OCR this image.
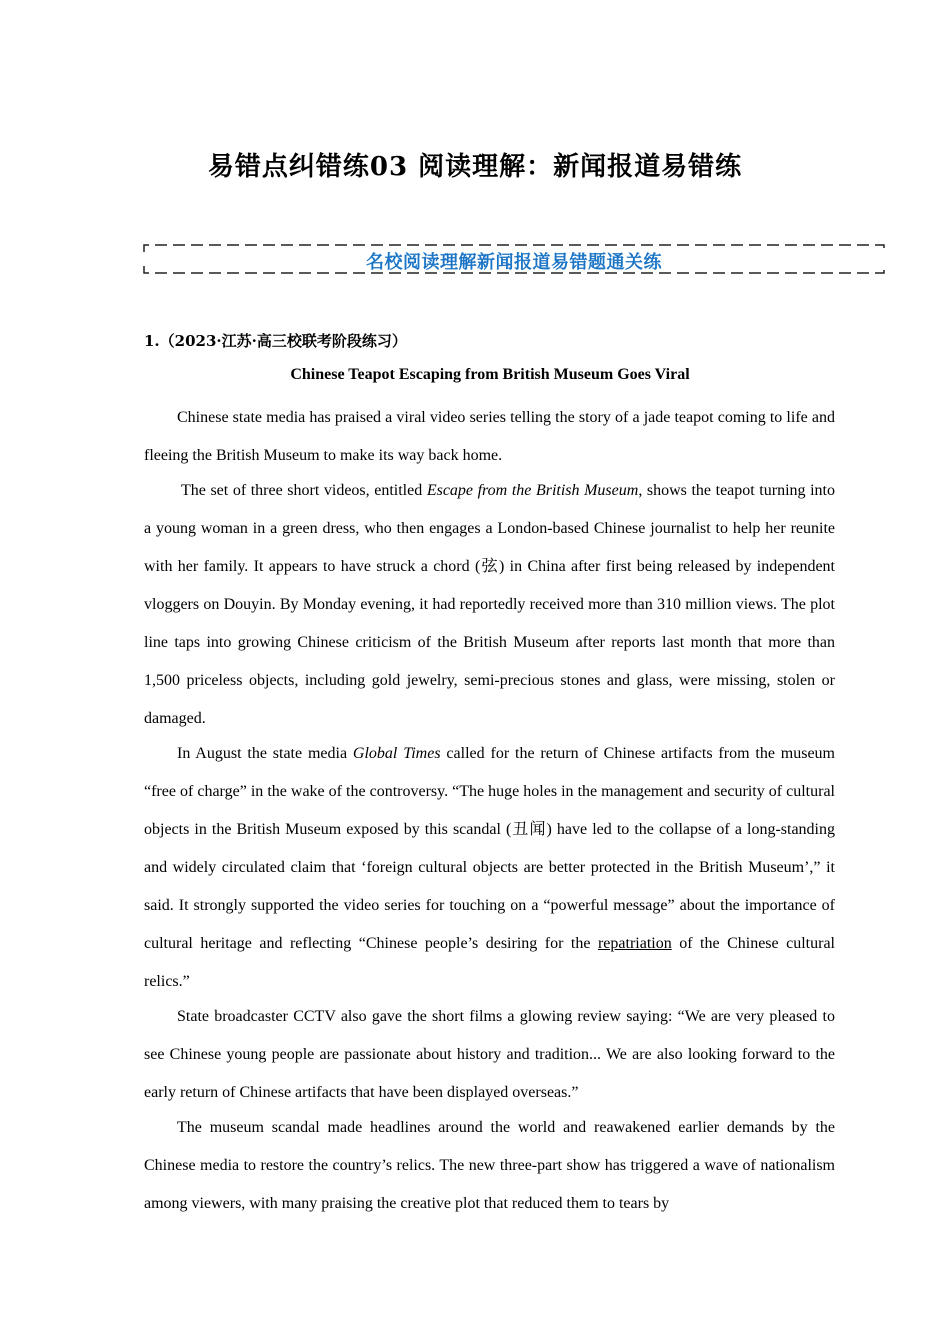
易错点纠错练03 阅读理解：新闻报道易错练
名校阅读理解新闻报道易错题通关练
1.（2023·江苏·高三校联考阶段练习）
Chinese Teapot Escaping from British Museum Goes Viral

Chinese state media has praised a viral video series telling the story of a jade teapot coming to life and fleeing the British Museum to make its way back home.

The set of three short videos, entitled Escape from the British Museum, shows the teapot turning into a young woman in a green dress, who then engages a London-based Chinese journalist to help her reunite with her family. It appears to have struck a chord (弦) in China after first being released by independent vloggers on Douyin. By Monday evening, it had reportedly received more than 310 million views. The plot line taps into growing Chinese criticism of the British Museum after reports last month that more than 1,500 priceless objects, including gold jewelry, semi-precious stones and glass, were missing, stolen or damaged.

In August the state media Global Times called for the return of Chinese artifacts from the museum “free of charge” in the wake of the controversy. “The huge holes in the management and security of cultural objects in the British Museum exposed by this scandal (丑闻) have led to the collapse of a long-standing and widely circulated claim that ‘foreign cultural objects are better protected in the British Museum’,” it said. It strongly supported the video series for touching on a “powerful message” about the importance of cultural heritage and reflecting “Chinese people’s desiring for the repatriation of the Chinese cultural relics.”

State broadcaster CCTV also gave the short films a glowing review saying: “We are very pleased to see Chinese young people are passionate about history and tradition... We are also looking forward to the early return of Chinese artifacts that have been displayed overseas.”

The museum scandal made headlines around the world and reawakened earlier demands by the Chinese media to restore the country’s relics. The new three-part show has triggered a wave of nationalism among viewers, with many praising the creative plot that reduced them to tears by
